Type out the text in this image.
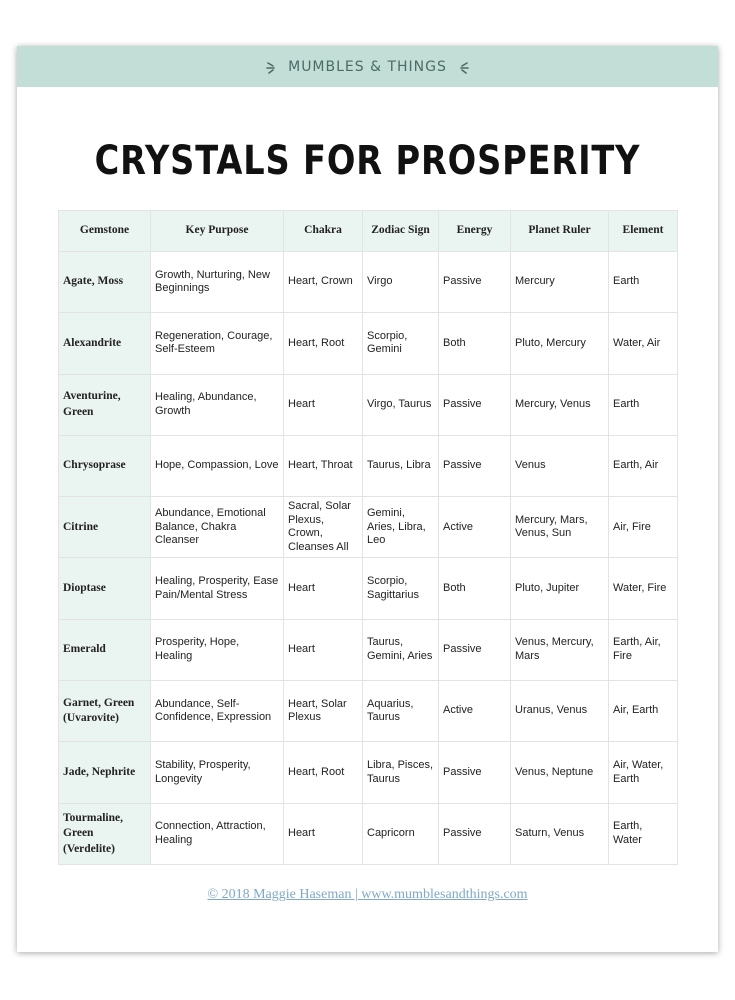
MUMBLES & THINGS
CRYSTALS FOR PROSPERITY
Gemstone	Key Purpose	Chakra	Zodiac Sign	Energy	Planet Ruler	Element
Agate, Moss	Growth, Nurturing, New Beginnings	Heart, Crown	Virgo	Passive	Mercury	Earth
Alexandrite	Regeneration, Courage, Self-Esteem	Heart, Root	Scorpio, Gemini	Both	Pluto, Mercury	Water, Air
Aventurine, Green	Healing, Abundance, Growth	Heart	Virgo, Taurus	Passive	Mercury, Venus	Earth
Chrysoprase	Hope, Compassion, Love	Heart, Throat	Taurus, Libra	Passive	Venus	Earth, Air
Citrine	Abundance, Emotional Balance, Chakra Cleanser	Sacral, Solar Plexus, Crown, Cleanses All	Gemini, Aries, Libra, Leo	Active	Mercury, Mars, Venus, Sun	Air, Fire
Dioptase	Healing, Prosperity, Ease Pain/Mental Stress	Heart	Scorpio, Sagittarius	Both	Pluto, Jupiter	Water, Fire
Emerald	Prosperity, Hope, Healing	Heart	Taurus, Gemini, Aries	Passive	Venus, Mercury, Mars	Earth, Air, Fire
Garnet, Green (Uvarovite)	Abundance, Self-Confidence, Expression	Heart, Solar Plexus	Aquarius, Taurus	Active	Uranus, Venus	Air, Earth
Jade, Nephrite	Stability, Prosperity, Longevity	Heart, Root	Libra, Pisces, Taurus	Passive	Venus, Neptune	Air, Water, Earth
Tourmaline, Green (Verdelite)	Connection, Attraction, Healing	Heart	Capricorn	Passive	Saturn, Venus	Earth, Water
© 2018 Maggie Haseman | www.mumblesandthings.com
